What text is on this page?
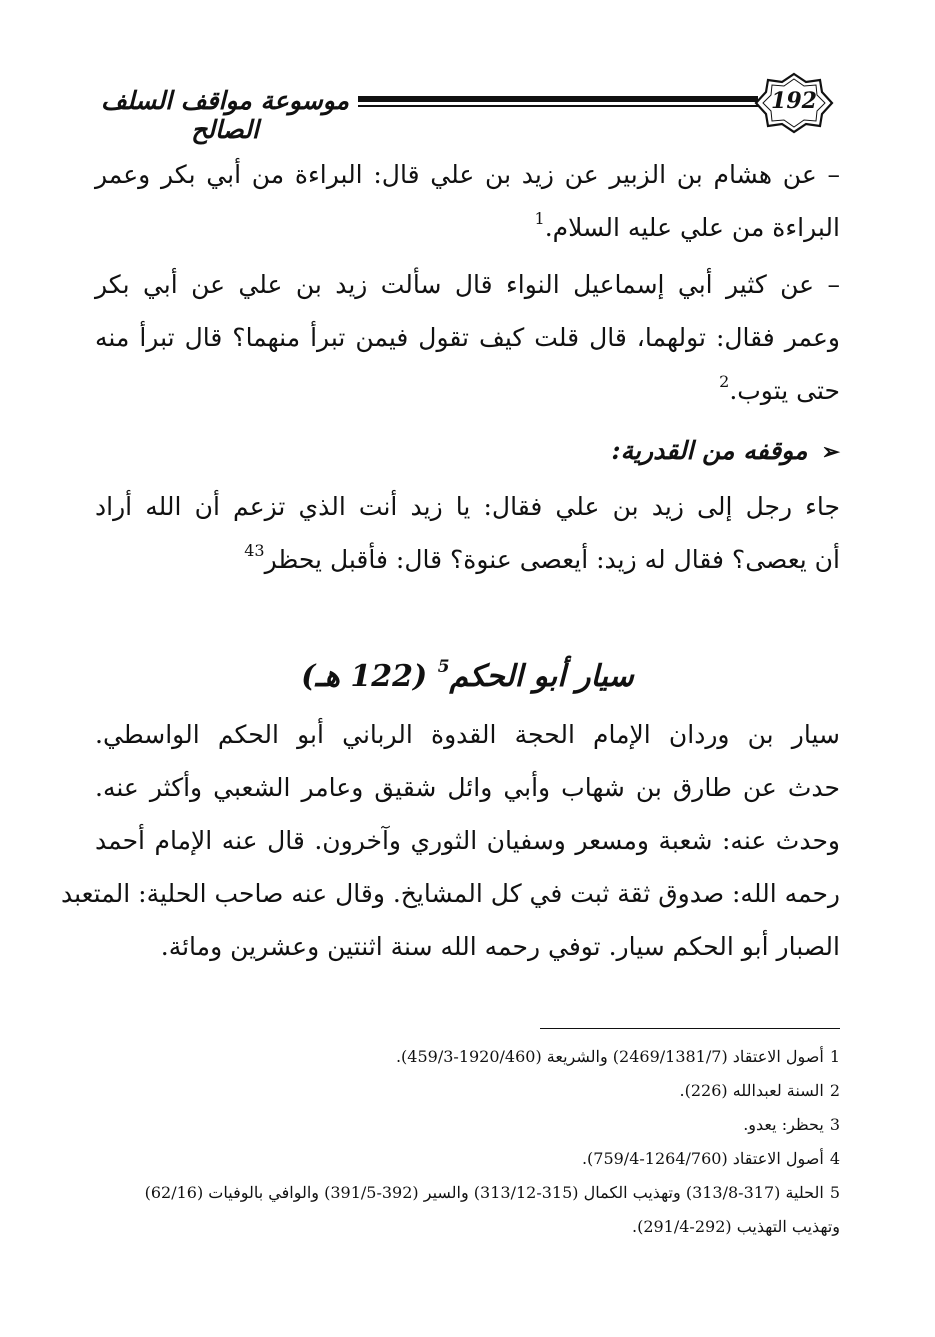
موسوعة مواقف السلف الصالح
192
– عن هشام بن الزبير عن زيد بن علي قال: البراءة من أبي بكر وعمر
البراءة من علي عليه السلام.$^1$
– عن كثير أبي إسماعيل النواء قال سألت زيد بن علي عن أبي بكر
وعمر فقال: تولهما، قال قلت كيف تقول فيمن تبرأ منهما؟ قال تبرأ منه
حتى يتوب.$^2$
➢موقفه من القدرية:
جاء رجل إلى زيد بن علي فقال: يا زيد أنت الذي تزعم أن الله أراد
أن يعصى؟ فقال له زيد: أيعصى عنوة؟ قال: فأقبل يحظر$^{34}$
سيار أبو الحكم$^5$ (122 هـ)
سيار بن وردان الإمام الحجة القدوة الرباني أبو الحكم الواسطي.
حدث عن طارق بن شهاب وأبي وائل شقيق وعامر الشعبي وأكثر عنه.
وحدث عنه: شعبة ومسعر وسفيان الثوري وآخرون. قال عنه الإمام أحمد
رحمه الله: صدوق ثقة ثبت في كل المشايخ. وقال عنه صاحب الحلية: المتعبد
الصبار أبو الحكم سيار. توفي رحمه الله سنة اثنتين وعشرين ومائة.
1أصول الاعتقاد (2469/1381/7) والشريعة (1920/460-459/3).
2السنة لعبدالله (226).
3يحظر: يعدو.
4أصول الاعتقاد (1264/760-759/4).
5الحلية (317-313/8) وتهذيب الكمال (315-313/12) والسير (392-391/5) والوافي بالوفيات (62/16)
وتهذيب التهذيب (292-291/4).
